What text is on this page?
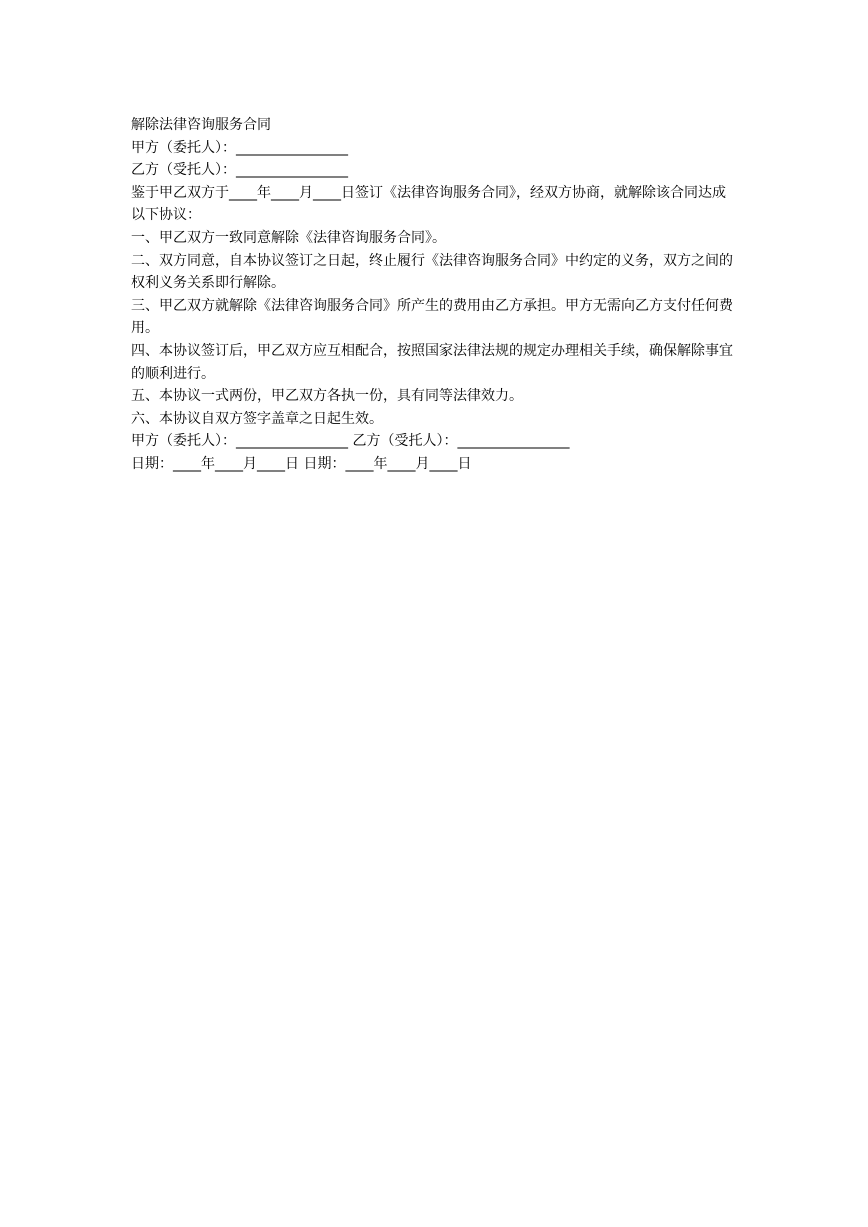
解除法律咨询服务合同

甲方（委托人）：________________

乙方（受托人）：________________

鉴于甲乙双方于____年____月____日签订《法律咨询服务合同》，经双方协商，就解除该合同达成以下协议：

一、甲乙双方一致同意解除《法律咨询服务合同》。

二、双方同意，自本协议签订之日起，终止履行《法律咨询服务合同》中约定的义务，双方之间的权利义务关系即行解除。

三、甲乙双方就解除《法律咨询服务合同》所产生的费用由乙方承担。甲方无需向乙方支付任何费用。

四、本协议签订后，甲乙双方应互相配合，按照国家法律法规的规定办理相关手续，确保解除事宜的顺利进行。

五、本协议一式两份，甲乙双方各执一份，具有同等法律效力。

六、本协议自双方签字盖章之日起生效。

甲方（委托人）：________________ 乙方（受托人）：________________

日期：____年____月____日 日期：____年____月____日
